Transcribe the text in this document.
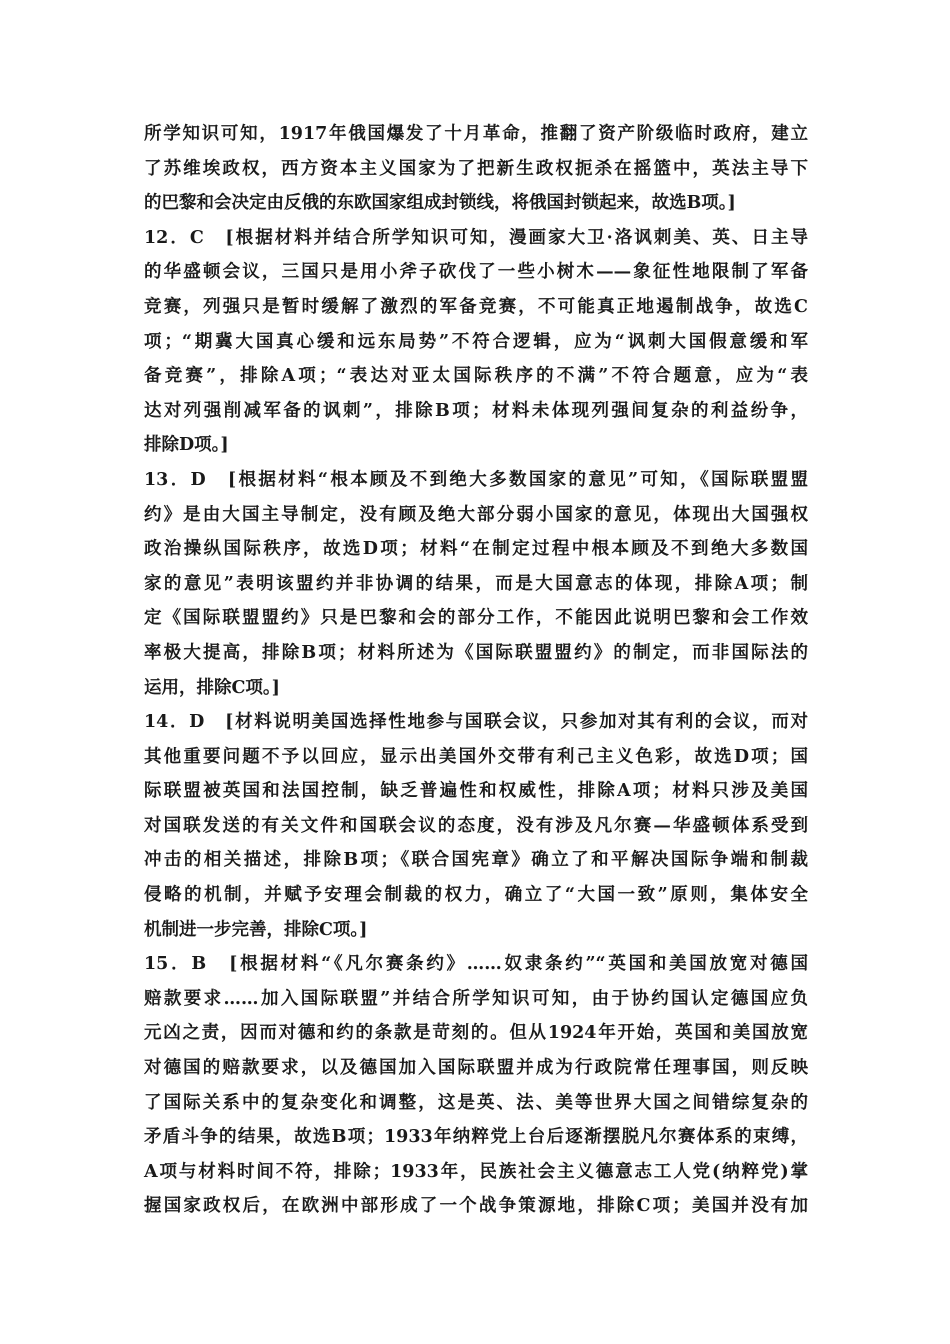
所学知识可知，1917年俄国爆发了十月革命，推翻了资产阶级临时政府，建立
了苏维埃政权，西方资本主义国家为了把新生政权扼杀在摇篮中，英法主导下
的巴黎和会决定由反俄的东欧国家组成封锁线，将俄国封锁起来，故选B项。]
12．C　[根据材料并结合所学知识可知，漫画家大卫·洛讽刺美、英、日主导
的华盛顿会议，三国只是用小斧子砍伐了一些小树木——象征性地限制了军备
竞赛，列强只是暂时缓解了激烈的军备竞赛，不可能真正地遏制战争，故选C
项；“期冀大国真心缓和远东局势”不符合逻辑，应为“讽刺大国假意缓和军
备竞赛”，排除A项；“表达对亚太国际秩序的不满”不符合题意，应为“表
达对列强削减军备的讽刺”，排除B项；材料未体现列强间复杂的利益纷争，
排除D项。]
13．D　[根据材料“根本顾及不到绝大多数国家的意见”可知，《国际联盟盟
约》是由大国主导制定，没有顾及绝大部分弱小国家的意见，体现出大国强权
政治操纵国际秩序，故选D项；材料“在制定过程中根本顾及不到绝大多数国
家的意见”表明该盟约并非协调的结果，而是大国意志的体现，排除A项；制
定《国际联盟盟约》只是巴黎和会的部分工作，不能因此说明巴黎和会工作效
率极大提高，排除B项；材料所述为《国际联盟盟约》的制定，而非国际法的
运用，排除C项。]
14．D　[材料说明美国选择性地参与国联会议，只参加对其有利的会议，而对
其他重要问题不予以回应，显示出美国外交带有利己主义色彩，故选D项；国
际联盟被英国和法国控制，缺乏普遍性和权威性，排除A项；材料只涉及美国
对国联发送的有关文件和国联会议的态度，没有涉及凡尔赛—华盛顿体系受到
冲击的相关描述，排除B项；《联合国宪章》确立了和平解决国际争端和制裁
侵略的机制，并赋予安理会制裁的权力，确立了“大国一致”原则，集体安全
机制进一步完善，排除C项。]
15．B　[根据材料“《凡尔赛条约》……奴隶条约”“英国和美国放宽对德国
赔款要求……加入国际联盟”并结合所学知识可知，由于协约国认定德国应负
元凶之责，因而对德和约的条款是苛刻的。但从1924年开始，英国和美国放宽
对德国的赔款要求，以及德国加入国际联盟并成为行政院常任理事国，则反映
了国际关系中的复杂变化和调整，这是英、法、美等世界大国之间错综复杂的
矛盾斗争的结果，故选B项；1933年纳粹党上台后逐渐摆脱凡尔赛体系的束缚，
A项与材料时间不符，排除；1933年，民族社会主义德意志工人党(纳粹党)掌
握国家政权后，在欧洲中部形成了一个战争策源地，排除C项；美国并没有加
